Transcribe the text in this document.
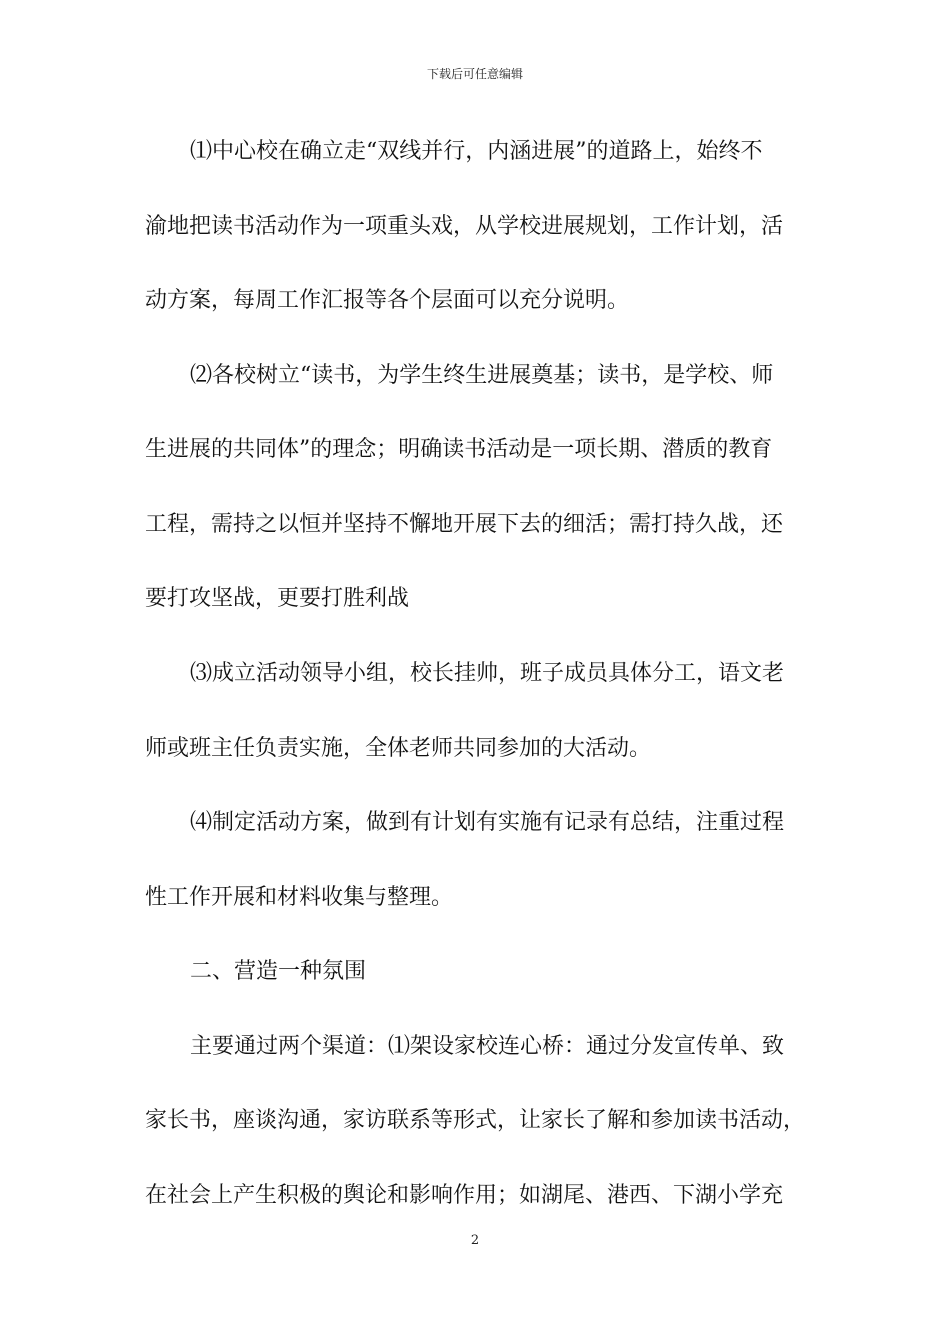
下载后可任意编辑
⑴中心校在确立走“双线并行，内涵进展”的道路上，始终不
渝地把读书活动作为一项重头戏，从学校进展规划，工作计划，活
动方案，每周工作汇报等各个层面可以充分说明。
⑵各校树立“读书，为学生终生进展奠基；读书，是学校、师
生进展的共同体”的理念；明确读书活动是一项长期、潜质的教育
工程，需持之以恒并坚持不懈地开展下去的细活；需打持久战，还
要打攻坚战，更要打胜利战
⑶成立活动领导小组，校长挂帅，班子成员具体分工，语文老
师或班主任负责实施，全体老师共同参加的大活动。
⑷制定活动方案，做到有计划有实施有记录有总结，注重过程
性工作开展和材料收集与整理。
二、营造一种氛围
主要通过两个渠道：⑴架设家校连心桥：通过分发宣传单、致
家长书，座谈沟通，家访联系等形式，让家长了解和参加读书活动，
在社会上产生积极的舆论和影响作用；如湖尾、港西、下湖小学充
2
